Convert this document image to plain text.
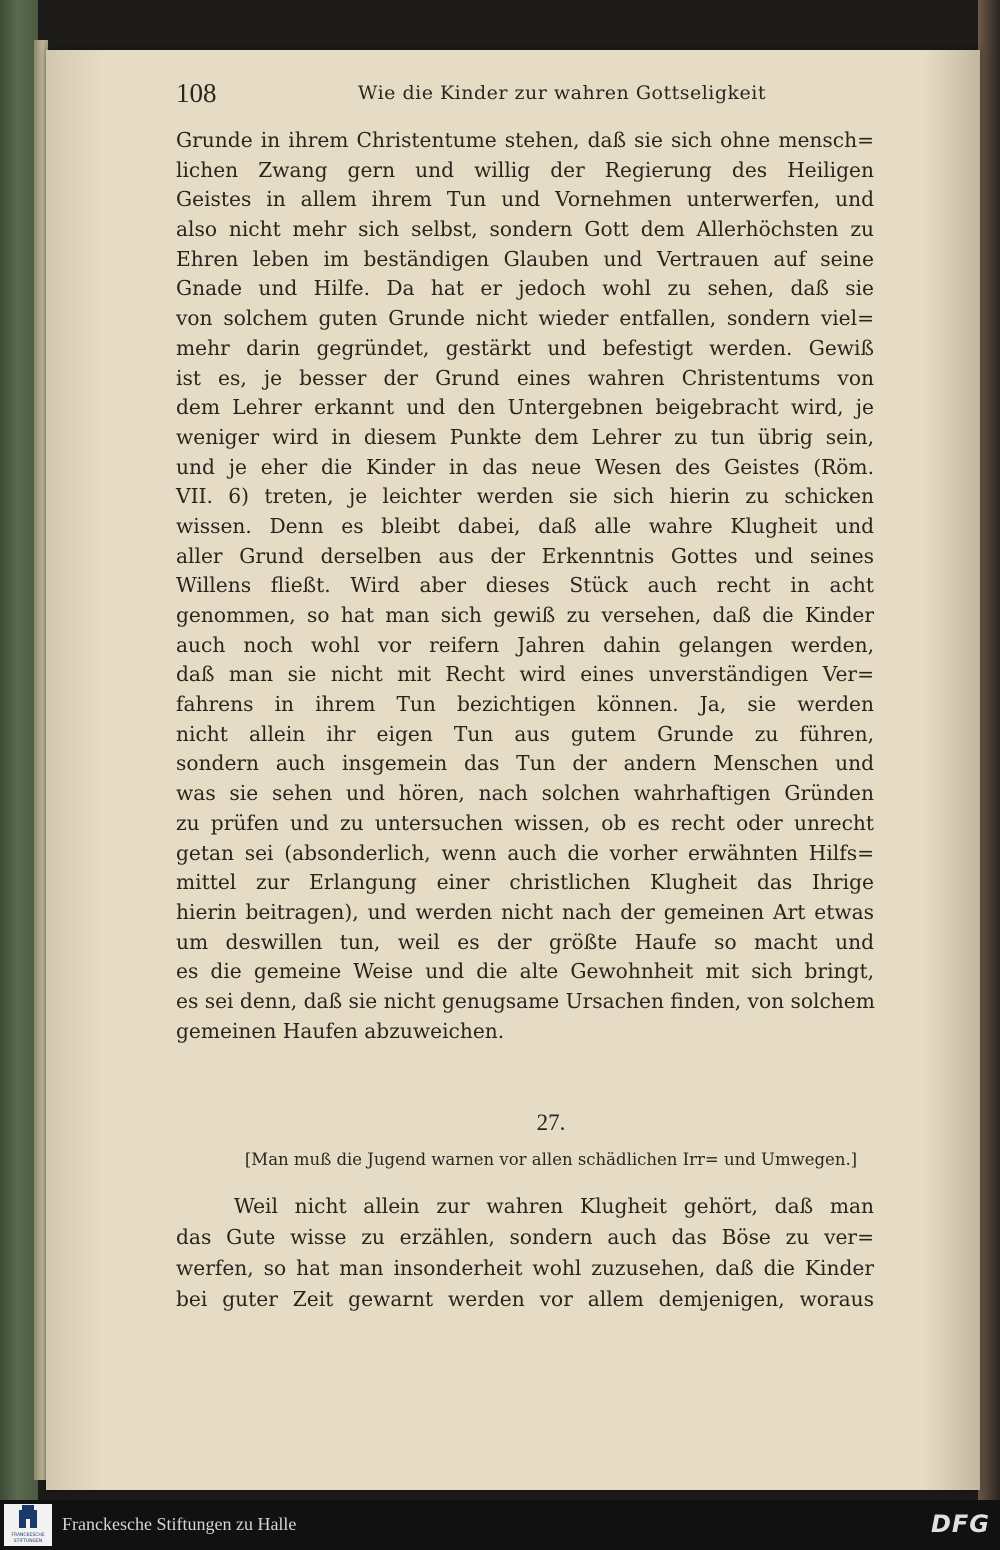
108	Wie die Kinder zur wahren Gottseligkeit
Grunde in ihrem Christentume stehen, daß sie sich ohne mensch=
lichen Zwang gern und willig der Regierung des Heiligen
Geistes in allem ihrem Tun und Vornehmen unterwerfen, und
also nicht mehr sich selbst, sondern Gott dem Allerhöchsten zu
Ehren leben im beständigen Glauben und Vertrauen auf seine
Gnade und Hilfe. Da hat er jedoch wohl zu sehen, daß sie
von solchem guten Grunde nicht wieder entfallen, sondern viel=
mehr darin gegründet, gestärkt und befestigt werden. Gewiß
ist es, je besser der Grund eines wahren Christentums von
dem Lehrer erkannt und den Untergebnen beigebracht wird, je
weniger wird in diesem Punkte dem Lehrer zu tun übrig sein,
und je eher die Kinder in das neue Wesen des Geistes (Röm.
VII. 6) treten, je leichter werden sie sich hierin zu schicken
wissen. Denn es bleibt dabei, daß alle wahre Klugheit und
aller Grund derselben aus der Erkenntnis Gottes und seines
Willens fließt. Wird aber dieses Stück auch recht in acht
genommen, so hat man sich gewiß zu versehen, daß die Kinder
auch noch wohl vor reifern Jahren dahin gelangen werden,
daß man sie nicht mit Recht wird eines unverständigen Ver=
fahrens in ihrem Tun bezichtigen können. Ja, sie werden
nicht allein ihr eigen Tun aus gutem Grunde zu führen,
sondern auch insgemein das Tun der andern Menschen und
was sie sehen und hören, nach solchen wahrhaftigen Gründen
zu prüfen und zu untersuchen wissen, ob es recht oder unrecht
getan sei (absonderlich, wenn auch die vorher erwähnten Hilfs=
mittel zur Erlangung einer christlichen Klugheit das Ihrige
hierin beitragen), und werden nicht nach der gemeinen Art etwas
um deswillen tun, weil es der größte Haufe so macht und
es die gemeine Weise und die alte Gewohnheit mit sich bringt,
es sei denn, daß sie nicht genugsame Ursachen finden, von solchem
gemeinen Haufen abzuweichen.
27.
[Man muß die Jugend warnen vor allen schädlichen Irr= und Umwegen.]
Weil nicht allein zur wahren Klugheit gehört, daß man
das Gute wisse zu erzählen, sondern auch das Böse zu ver=
werfen, so hat man insonderheit wohl zuzusehen, daß die Kinder
bei guter Zeit gewarnt werden vor allem demjenigen, woraus
FRANCKESCHE
STIFTUNGEN
Franckesche Stiftungen zu Halle	DFG
